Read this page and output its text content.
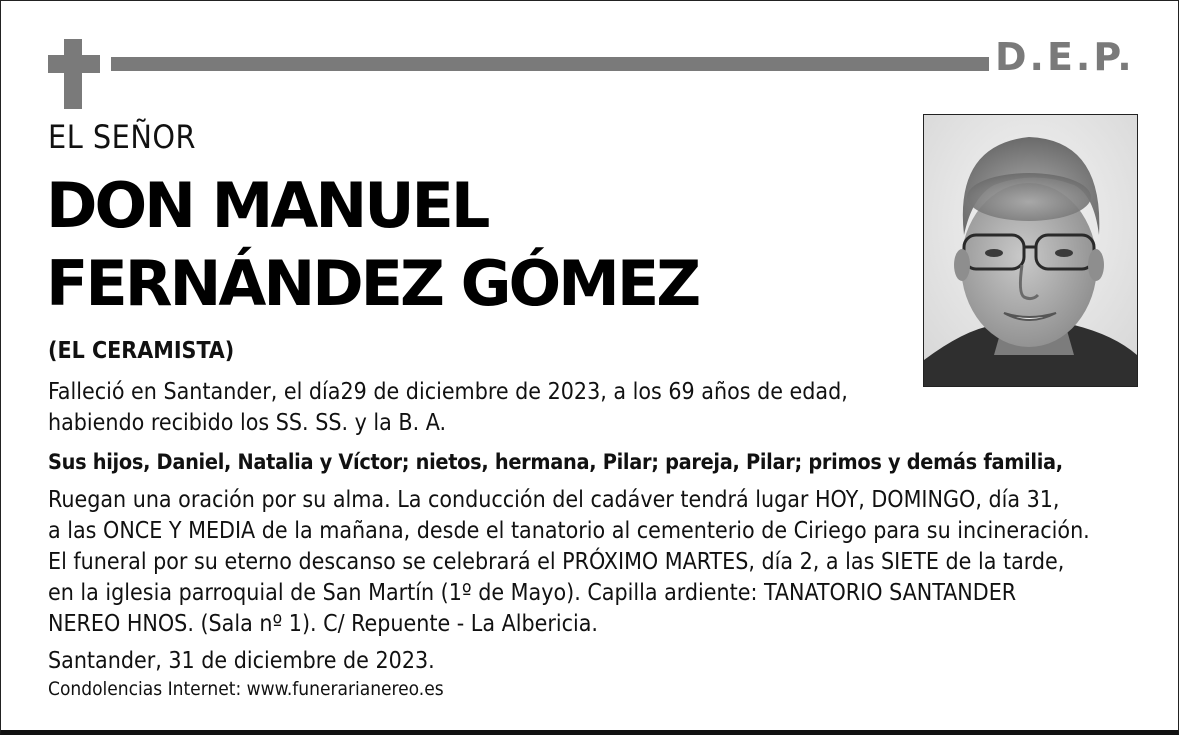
D.E.P.
EL SEÑOR
DON MANUEL
FERNÁNDEZ GÓMEZ
(EL CERAMISTA)
Falleció en Santander, el día29 de diciembre de 2023, a los 69 años de edad,
habiendo recibido los SS. SS. y la B. A.
Sus hijos, Daniel, Natalia y Víctor; nietos, hermana, Pilar; pareja, Pilar; primos y demás familia,
Ruegan una oración por su alma. La conducción del cadáver tendrá lugar HOY, DOMINGO, día 31,
a las ONCE Y MEDIA de la mañana, desde el tanatorio al cementerio de Ciriego para su incineración.
El funeral por su eterno descanso se celebrará el PRÓXIMO MARTES, día 2, a las SIETE de la tarde,
en la iglesia parroquial de San Martín (1º de Mayo). Capilla ardiente: TANATORIO SANTANDER
NEREO HNOS. (Sala nº 1). C/ Repuente - La Albericia.
Santander, 31 de diciembre de 2023.
Condolencias Internet: www.funerarianereo.es
